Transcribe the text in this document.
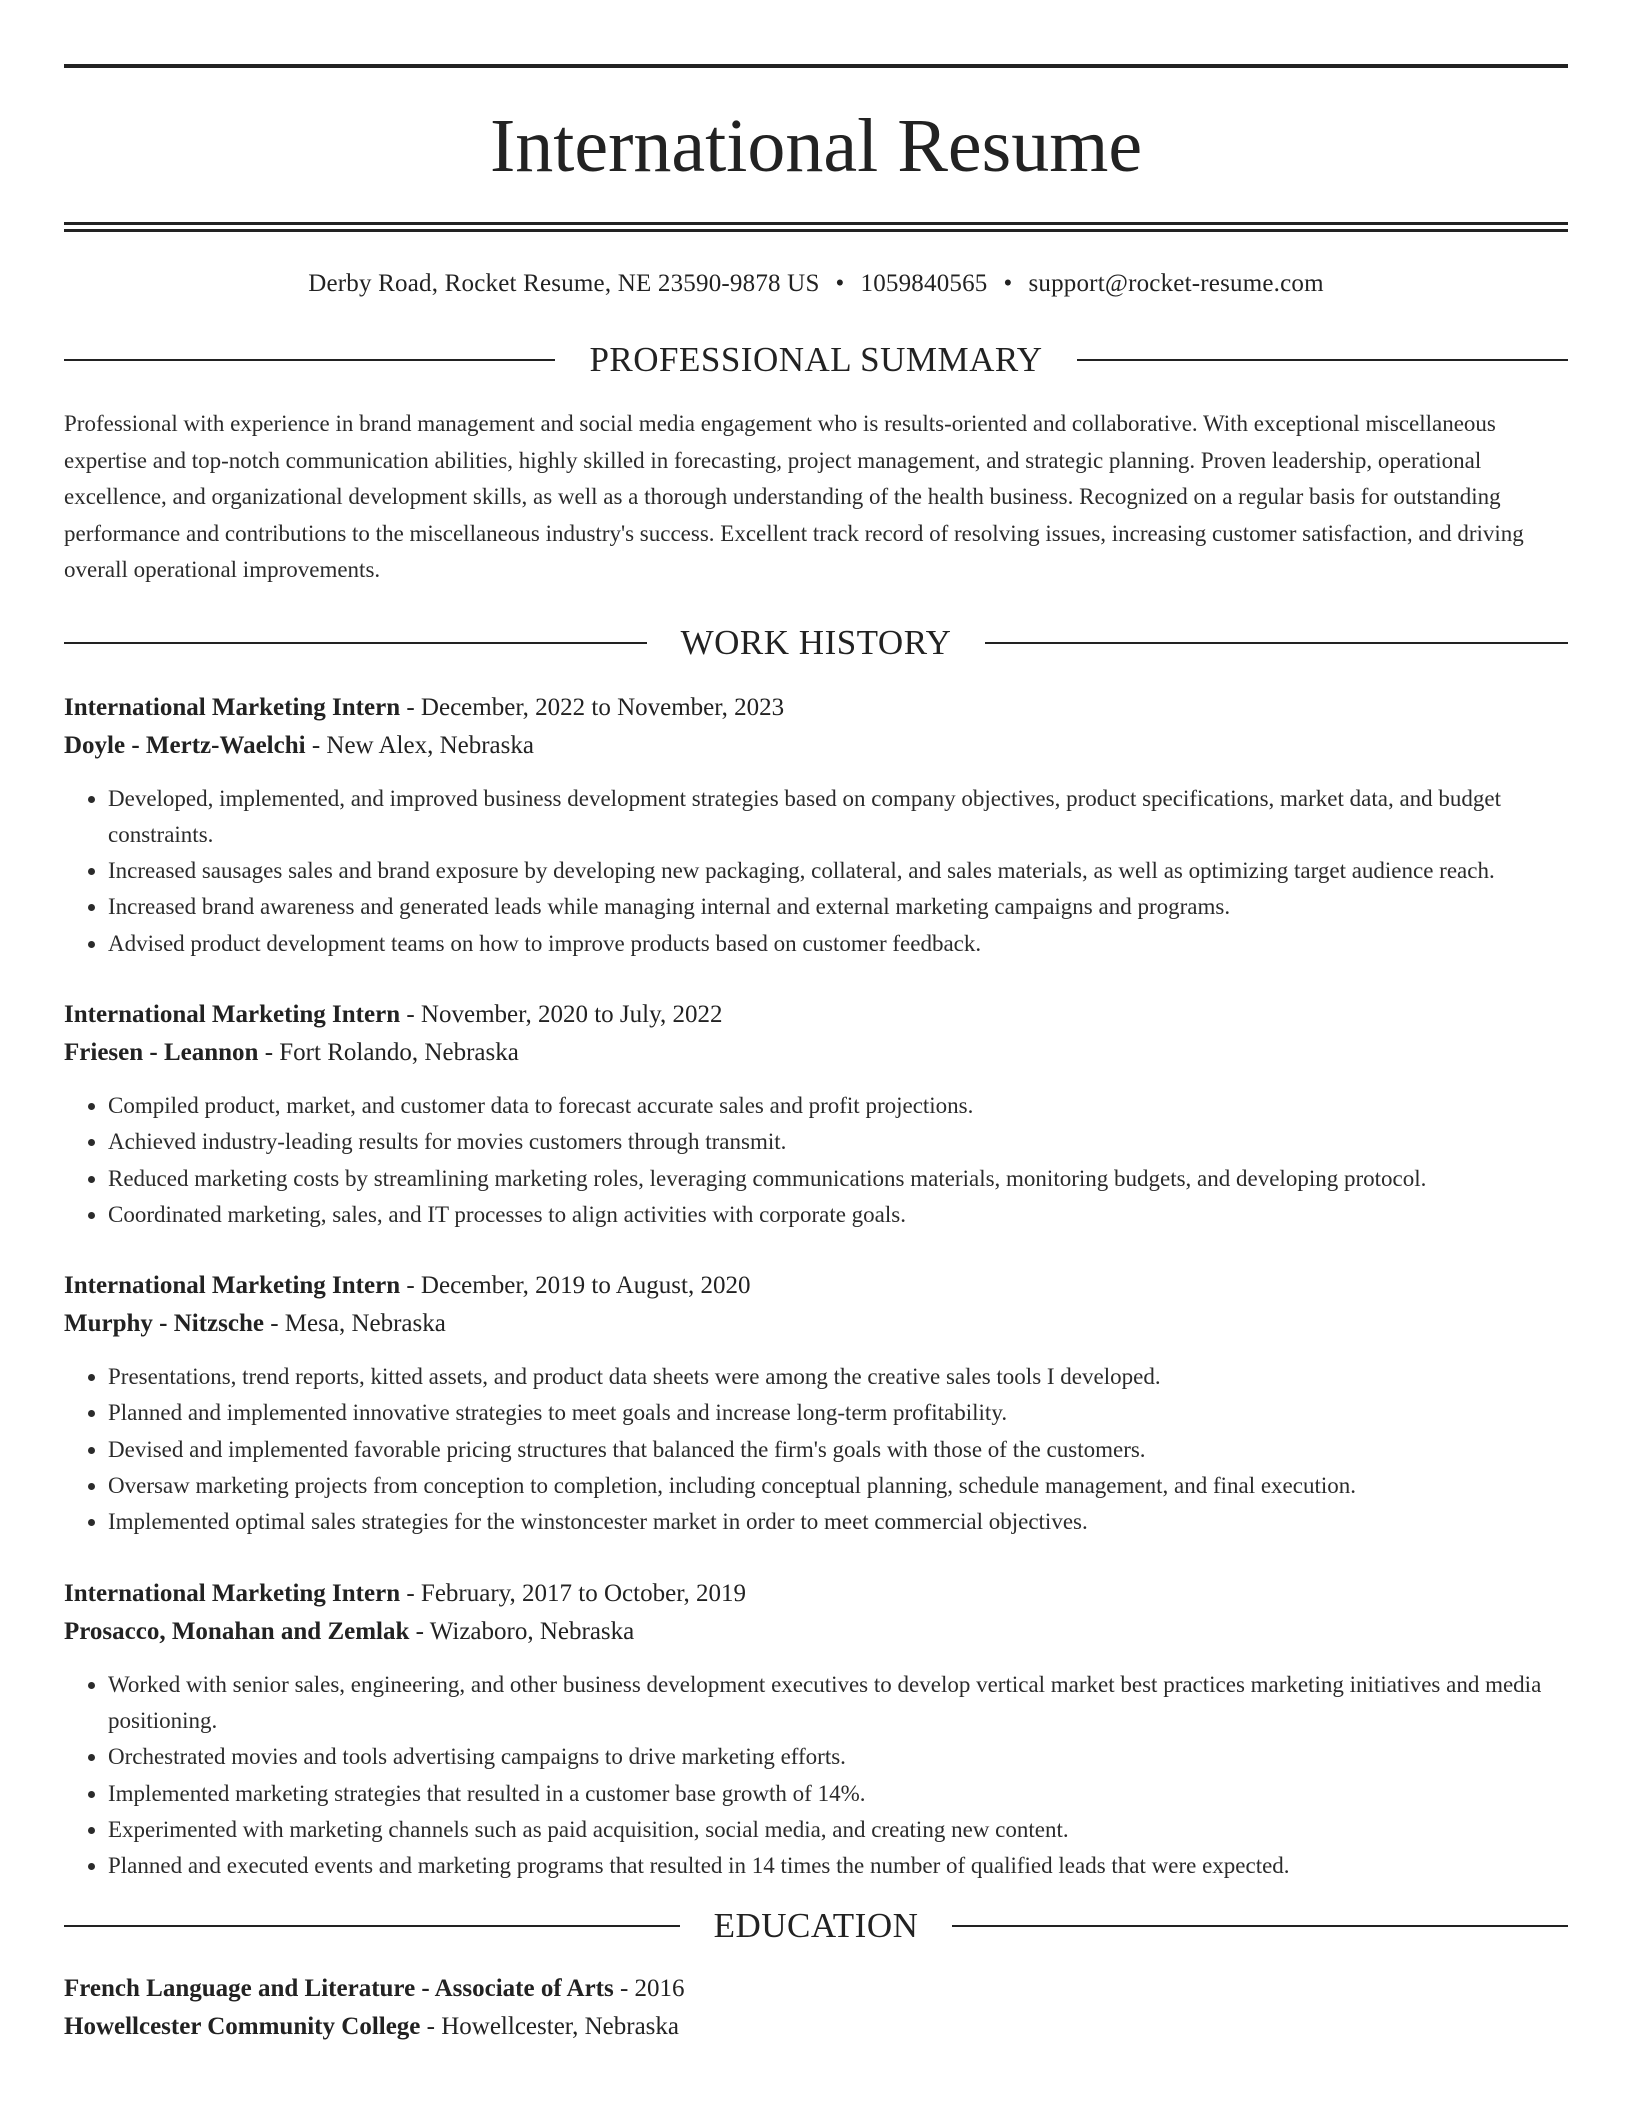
International Resume
Derby Road, Rocket Resume, NE 23590-9878 US • 1059840565 • support@rocket-resume.com
PROFESSIONAL SUMMARY

Professional with experience in brand management and social media engagement who is results-oriented and collaborative. With exceptional miscellaneous expertise and top-notch communication abilities, highly skilled in forecasting, project management, and strategic planning. Proven leadership, operational excellence, and organizational development skills, as well as a thorough understanding of the health business. Recognized on a regular basis for outstanding performance and contributions to the miscellaneous industry's success. Excellent track record of resolving issues, increasing customer satisfaction, and driving overall operational improvements.

WORK HISTORY
International Marketing Intern - December, 2022 to November, 2023
Doyle - Mertz-Waelchi - New Alex, Nebraska
• Developed, implemented, and improved business development strategies based on company objectives, product specifications, market data, and budget constraints.
• Increased sausages sales and brand exposure by developing new packaging, collateral, and sales materials, as well as optimizing target audience reach.
• Increased brand awareness and generated leads while managing internal and external marketing campaigns and programs.
• Advised product development teams on how to improve products based on customer feedback.
International Marketing Intern - November, 2020 to July, 2022
Friesen - Leannon - Fort Rolando, Nebraska
• Compiled product, market, and customer data to forecast accurate sales and profit projections.
• Achieved industry-leading results for movies customers through transmit.
• Reduced marketing costs by streamlining marketing roles, leveraging communications materials, monitoring budgets, and developing protocol.
• Coordinated marketing, sales, and IT processes to align activities with corporate goals.
International Marketing Intern - December, 2019 to August, 2020
Murphy - Nitzsche - Mesa, Nebraska
• Presentations, trend reports, kitted assets, and product data sheets were among the creative sales tools I developed.
• Planned and implemented innovative strategies to meet goals and increase long-term profitability.
• Devised and implemented favorable pricing structures that balanced the firm's goals with those of the customers.
• Oversaw marketing projects from conception to completion, including conceptual planning, schedule management, and final execution.
• Implemented optimal sales strategies for the winstoncester market in order to meet commercial objectives.
International Marketing Intern - February, 2017 to October, 2019
Prosacco, Monahan and Zemlak - Wizaboro, Nebraska
• Worked with senior sales, engineering, and other business development executives to develop vertical market best practices marketing initiatives and media positioning.
• Orchestrated movies and tools advertising campaigns to drive marketing efforts.
• Implemented marketing strategies that resulted in a customer base growth of 14%.
• Experimented with marketing channels such as paid acquisition, social media, and creating new content.
• Planned and executed events and marketing programs that resulted in 14 times the number of qualified leads that were expected.
EDUCATION
French Language and Literature - Associate of Arts - 2016
Howellcester Community College - Howellcester, Nebraska
